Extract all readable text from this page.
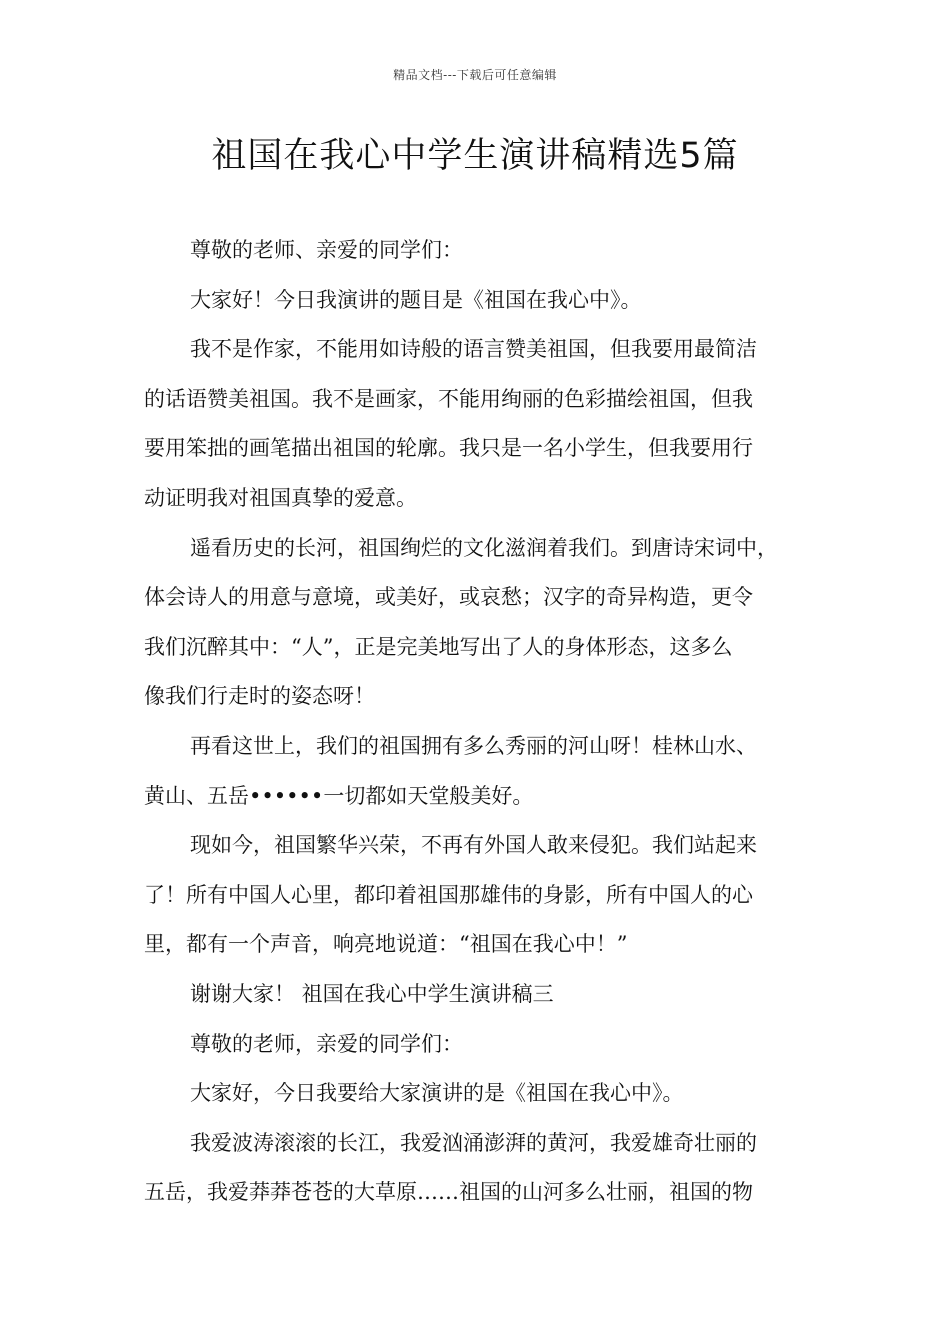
精品文档---下载后可任意编辑
祖国在我心中学生演讲稿精选5篇
尊敬的老师、亲爱的同学们：
大家好！今日我演讲的题目是《祖国在我心中》。
我不是作家，不能用如诗般的语言赞美祖国，但我要用最简洁
的话语赞美祖国。我不是画家，不能用绚丽的色彩描绘祖国，但我
要用笨拙的画笔描出祖国的轮廓。我只是一名小学生，但我要用行
动证明我对祖国真挚的爱意。
遥看历史的长河，祖国绚烂的文化滋润着我们。到唐诗宋词中，
体会诗人的用意与意境，或美好，或哀愁；汉字的奇异构造，更令
我们沉醉其中：“人”，正是完美地写出了人的身体形态，这多么
像我们行走时的姿态呀！
再看这世上，我们的祖国拥有多么秀丽的河山呀！桂林山水、
黄山、五岳••••••一切都如天堂般美好。
现如今，祖国繁华兴荣，不再有外国人敢来侵犯。我们站起来
了！所有中国人心里，都印着祖国那雄伟的身影，所有中国人的心
里，都有一个声音，响亮地说道：“祖国在我心中！”
谢谢大家！ 祖国在我心中学生演讲稿三
尊敬的老师，亲爱的同学们：
大家好，今日我要给大家演讲的是《祖国在我心中》。
我爱波涛滚滚的长江，我爱汹涌澎湃的黄河，我爱雄奇壮丽的
五岳，我爱莽莽苍苍的大草原……祖国的山河多么壮丽，祖国的物
